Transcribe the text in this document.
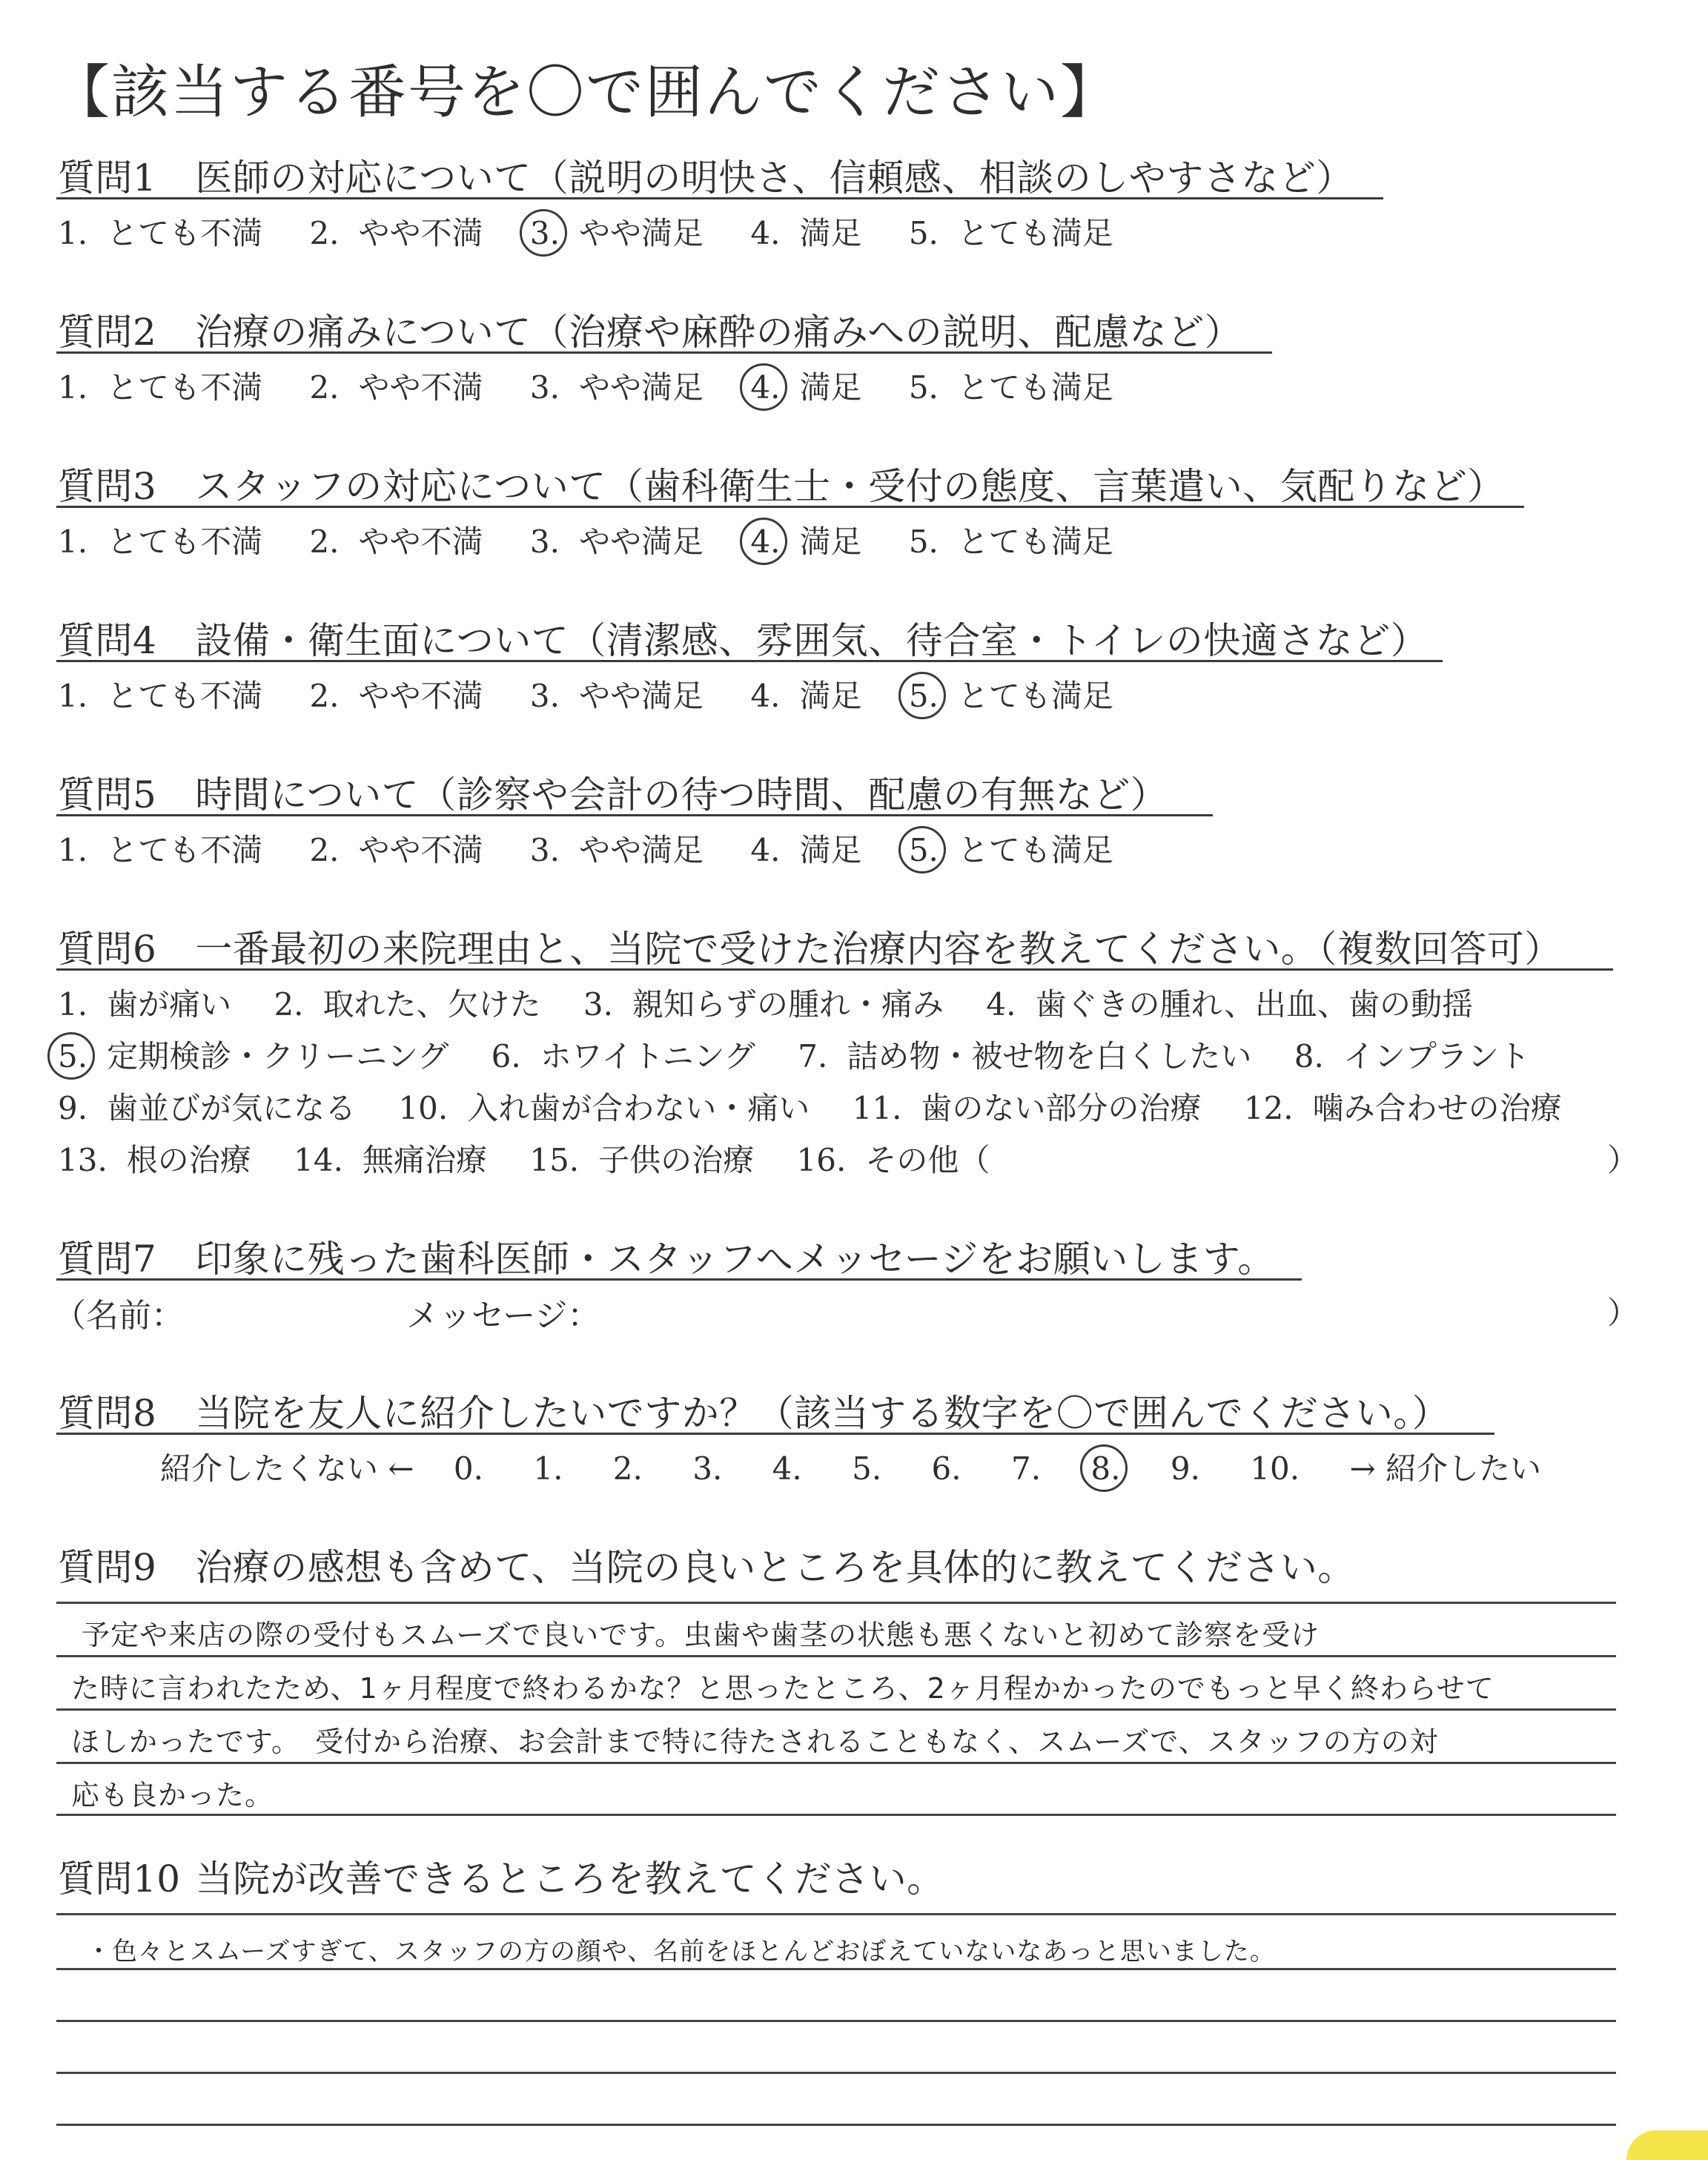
【該当する番号を〇で囲んでください】
質問1 医師の対応について（説明の明快さ、信頼感、相談のしやすさなど）
1. とても不満 2. やや不満 3. やや満足 4. 満足 5. とても満足
質問2 治療の痛みについて（治療や麻酔の痛みへの説明、配慮など）
1. とても不満 2. やや不満 3. やや満足 4. 満足 5. とても満足
質問3 スタッフの対応について（歯科衛生士・受付の態度、言葉遣い、気配りなど）
1. とても不満 2. やや不満 3. やや満足 4. 満足 5. とても満足
質問4 設備・衛生面について（清潔感、雰囲気、待合室・トイレの快適さなど）
1. とても不満 2. やや不満 3. やや満足 4. 満足 5. とても満足
質問5 時間について（診察や会計の待つ時間、配慮の有無など）
1. とても不満 2. やや不満 3. やや満足 4. 満足 5. とても満足
質問6 一番最初の来院理由と、当院で受けた治療内容を教えてください。（複数回答可）
1. 歯が痛い 2. 取れた、欠けた 3. 親知らずの腫れ・痛み 4. 歯ぐきの腫れ、出血、歯の動揺
5. 定期検診・クリーニング 6. ホワイトニング 7. 詰め物・被せ物を白くしたい 8. インプラント
9. 歯並びが気になる 10. 入れ歯が合わない・痛い 11. 歯のない部分の治療 12. 噛み合わせの治療
13. 根の治療 14. 無痛治療 15. 子供の治療 16. その他（	）
質問7 印象に残った歯科医師・スタッフへメッセージをお願いします。
（名前：	メッセージ：	）
質問8 当院を友人に紹介したいですか？（該当する数字を〇で囲んでください。）
紹介したくない ← 0. 1. 2. 3. 4. 5. 6. 7. 8. 9. 10. → 紹介したい
質問9 治療の感想も含めて、当院の良いところを具体的に教えてください。
予定や来店の際の受付もスムーズで良いです。虫歯や歯茎の状態も悪くないと初めて診察を受け
た時に言われたため、1ヶ月程度で終わるかな？と思ったところ、2ヶ月程かかったのでもっと早く終わらせて
ほしかったです。　受付から治療、お会計まで特に待たされることもなく、スムーズで、スタッフの方の対
応も良かった。
質問10 当院が改善できるところを教えてください。
・色々とスムーズすぎて、スタッフの方の顔や、名前をほとんどおぼえていないなあっと思いました。
